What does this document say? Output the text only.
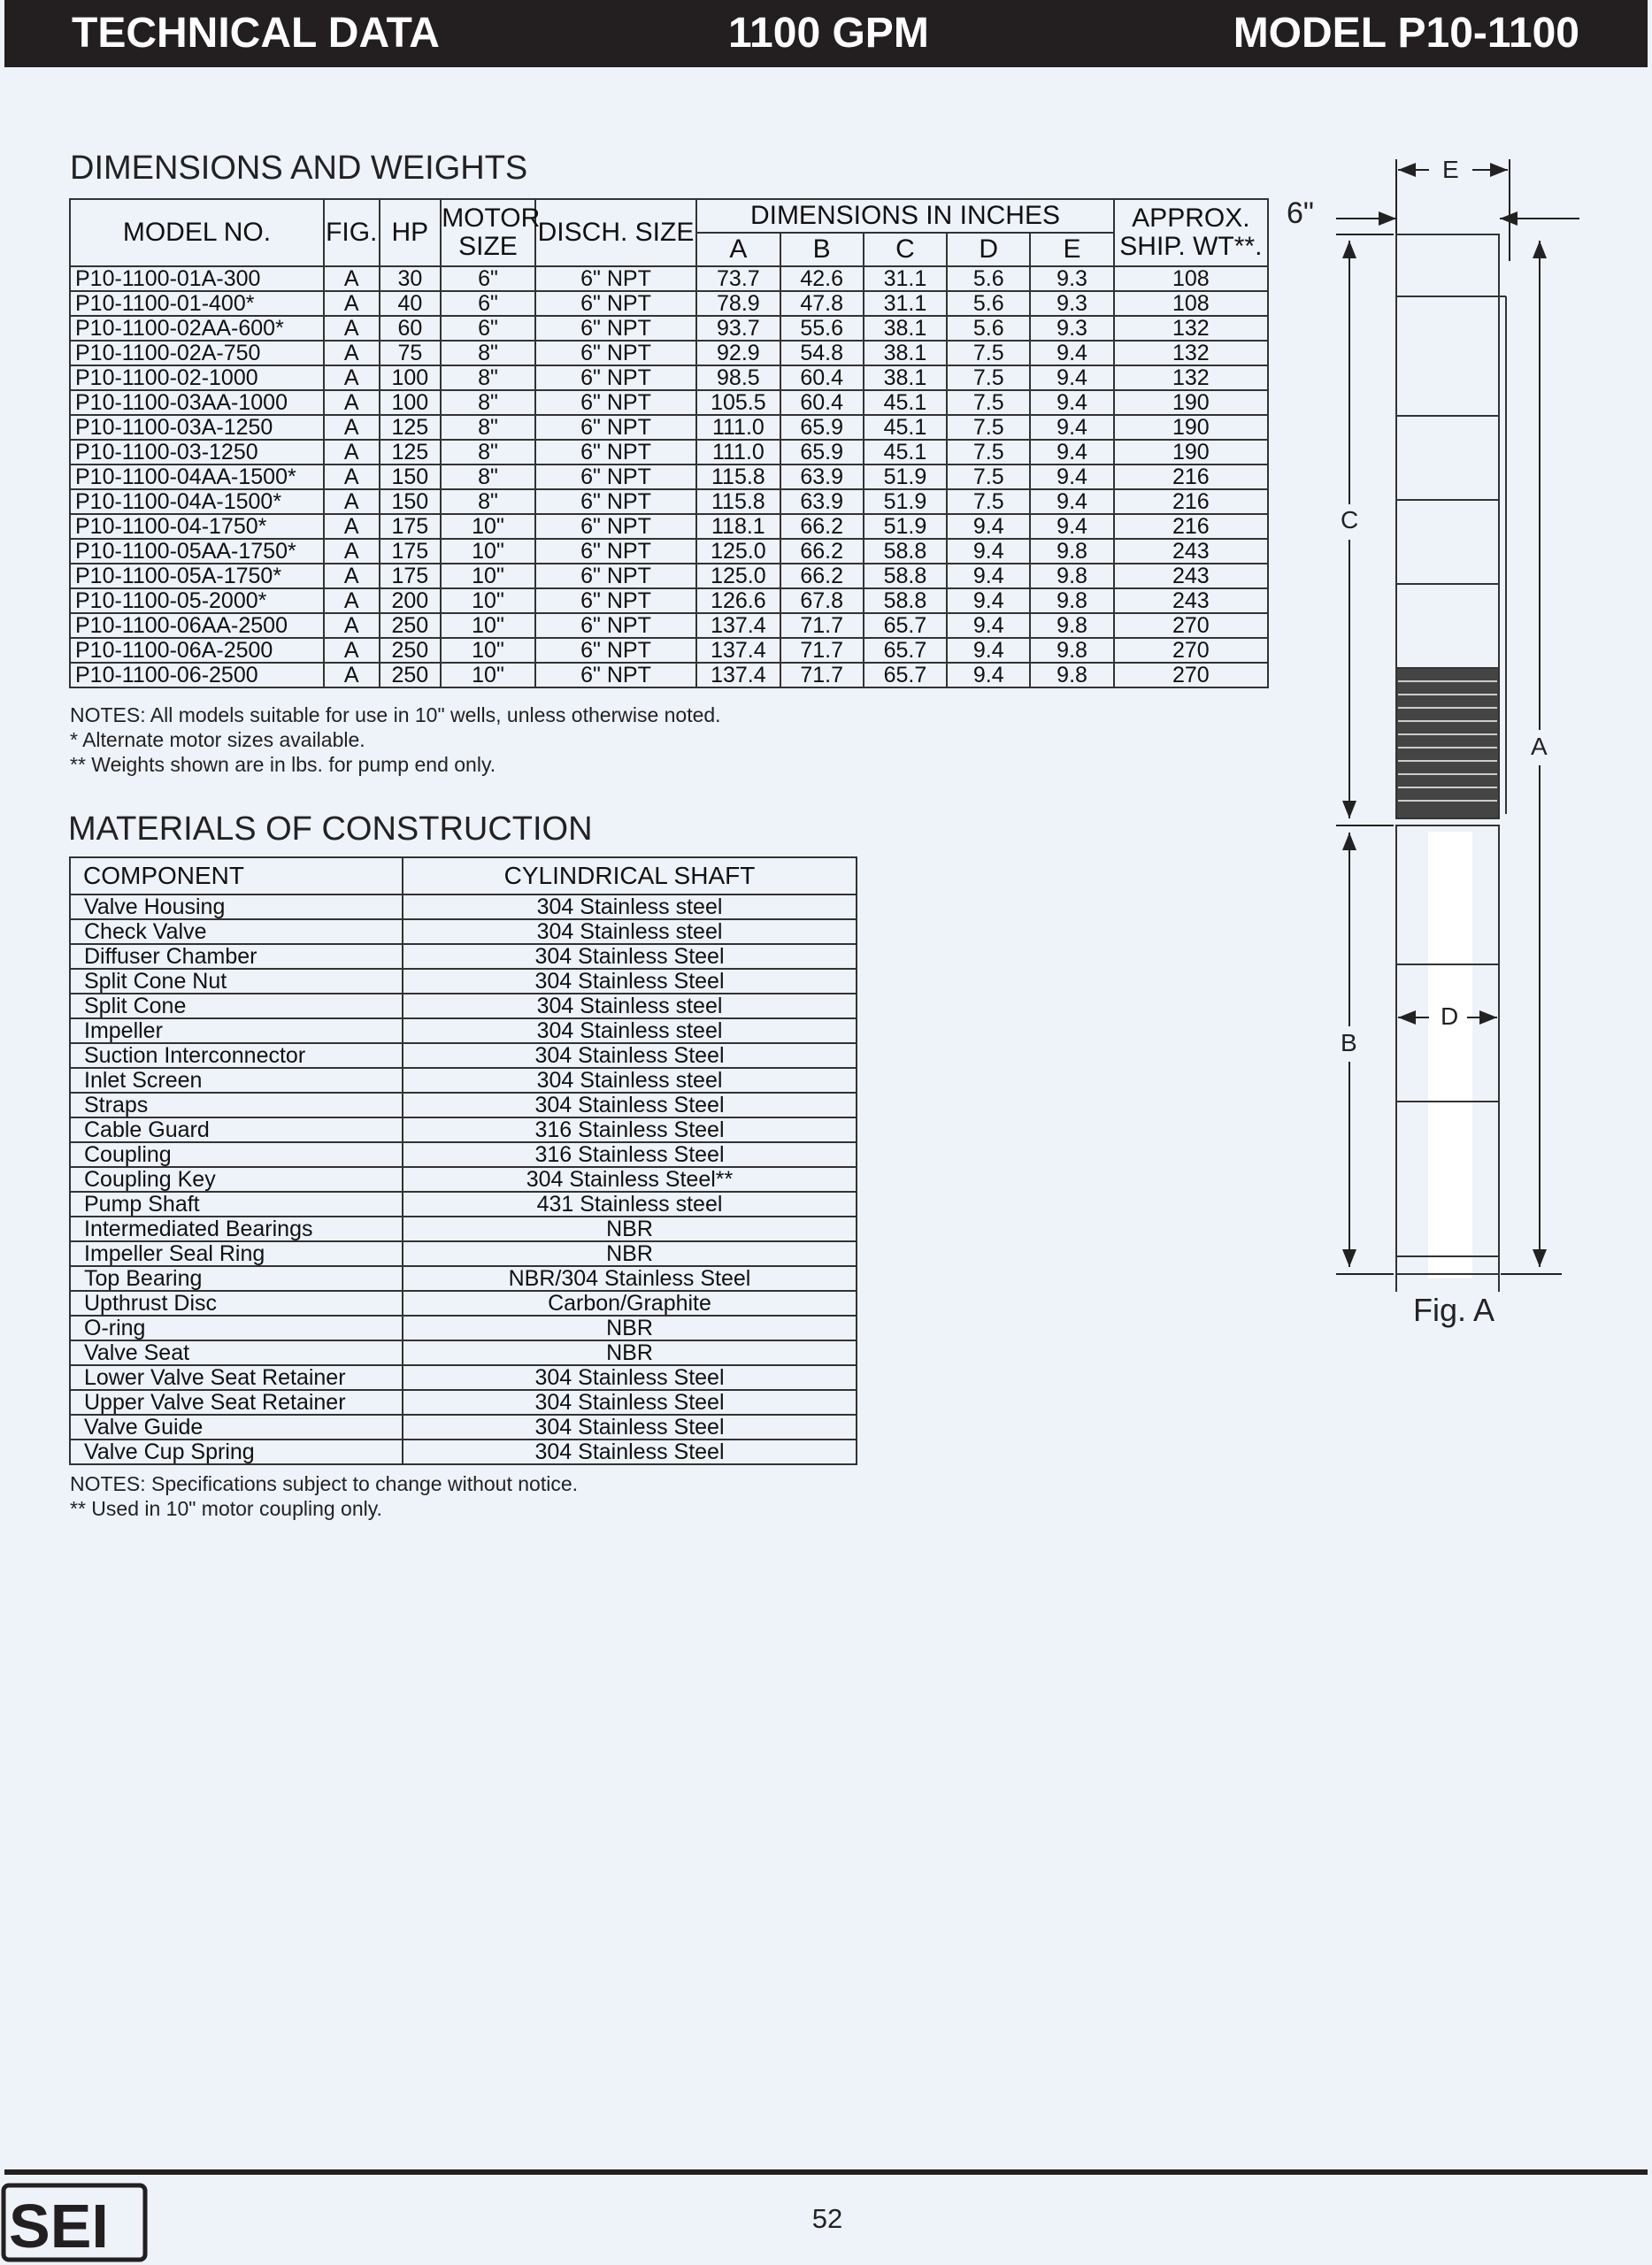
TECHNICAL DATA	1100 GPM	MODEL P10-1100
DIMENSIONS AND WEIGHTS
MODEL NO.	FIG.	HP	MOTOR SIZE	DISCH. SIZE	DIMENSIONS IN INCHES					APPROX. SHIP. WT**.
					A	B	C	D	E	
P10-1100-01A-300	A	30	6"	6" NPT	73.7	42.6	31.1	5.6	9.3	108
P10-1100-01-400*	A	40	6"	6" NPT	78.9	47.8	31.1	5.6	9.3	108
P10-1100-02AA-600*	A	60	6"	6" NPT	93.7	55.6	38.1	5.6	9.3	132
P10-1100-02A-750	A	75	8"	6" NPT	92.9	54.8	38.1	7.5	9.4	132
P10-1100-02-1000	A	100	8"	6" NPT	98.5	60.4	38.1	7.5	9.4	132
P10-1100-03AA-1000	A	100	8"	6" NPT	105.5	60.4	45.1	7.5	9.4	190
P10-1100-03A-1250	A	125	8"	6" NPT	111.0	65.9	45.1	7.5	9.4	190
P10-1100-03-1250	A	125	8"	6" NPT	111.0	65.9	45.1	7.5	9.4	190
P10-1100-04AA-1500*	A	150	8"	6" NPT	115.8	63.9	51.9	7.5	9.4	216
P10-1100-04A-1500*	A	150	8"	6" NPT	115.8	63.9	51.9	7.5	9.4	216
P10-1100-04-1750*	A	175	10"	6" NPT	118.1	66.2	51.9	9.4	9.4	216
P10-1100-05AA-1750*	A	175	10"	6" NPT	125.0	66.2	58.8	9.4	9.8	243
P10-1100-05A-1750*	A	175	10"	6" NPT	125.0	66.2	58.8	9.4	9.8	243
P10-1100-05-2000*	A	200	10"	6" NPT	126.6	67.8	58.8	9.4	9.8	243
P10-1100-06AA-2500	A	250	10"	6" NPT	137.4	71.7	65.7	9.4	9.8	270
P10-1100-06A-2500	A	250	10"	6" NPT	137.4	71.7	65.7	9.4	9.8	270
P10-1100-06-2500	A	250	10"	6" NPT	137.4	71.7	65.7	9.4	9.8	270
NOTES: All models suitable for use in 10" wells, unless otherwise noted.
* Alternate motor sizes available.
** Weights shown are in lbs. for pump end only.
MATERIALS OF CONSTRUCTION
COMPONENT	CYLINDRICAL SHAFT
Valve Housing	304 Stainless steel
Check Valve	304 Stainless steel
Diffuser Chamber	304 Stainless Steel
Split Cone Nut	304 Stainless Steel
Split Cone	304 Stainless steel
Impeller	304 Stainless steel
Suction Interconnector	304 Stainless Steel
Inlet Screen	304 Stainless steel
Straps	304 Stainless Steel
Cable Guard	316 Stainless Steel
Coupling	316 Stainless Steel
Coupling Key	304 Stainless Steel**
Pump Shaft	431 Stainless steel
Intermediated Bearings	NBR
Impeller Seal Ring	NBR
Top Bearing	NBR/304 Stainless Steel
Upthrust Disc	Carbon/Graphite
O-ring	NBR
Valve Seat	NBR
Lower Valve Seat Retainer	304 Stainless Steel
Upper Valve Seat Retainer	304 Stainless Steel
Valve Guide	304 Stainless Steel
Valve Cup Spring	304 Stainless Steel
NOTES: Specifications subject to change without notice.
** Used in 10" motor coupling only.
E
6"
C
A
B
D
Fig. A
SEI	52
